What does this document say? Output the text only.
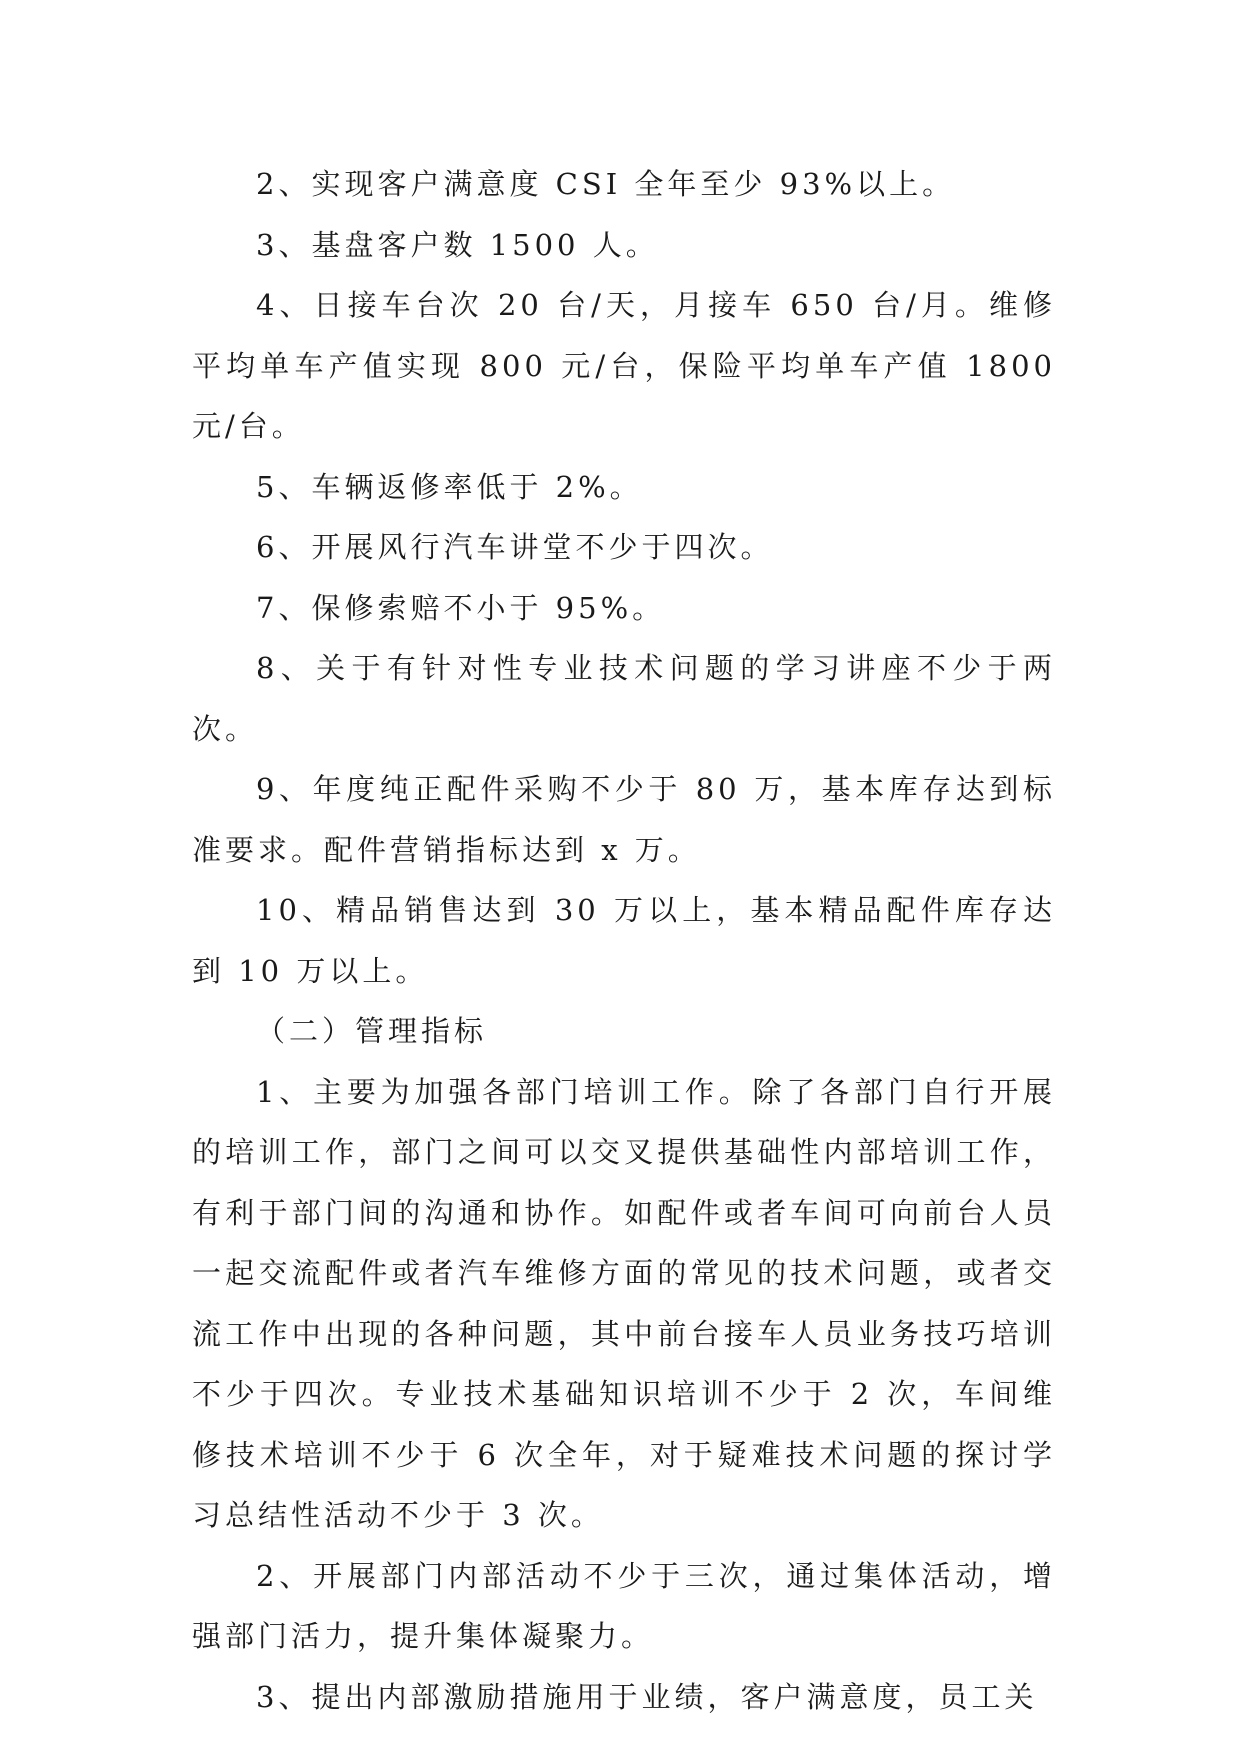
2、实现客户满意度 CSI 全年至少 93%以上。

3、基盘客户数 1500 人。

4、日接车台次 20 台/天，月接车 650 台/月。维修平均单车产值实现 800 元/台，保险平均单车产值 1800 元/台。

5、车辆返修率低于 2%。

6、开展风行汽车讲堂不少于四次。

7、保修索赔不小于 95%。

8、关于有针对性专业技术问题的学习讲座不少于两次。

9、年度纯正配件采购不少于 80 万，基本库存达到标准要求。配件营销指标达到 x 万。

10、精品销售达到 30 万以上，基本精品配件库存达到 10 万以上。

（二）管理指标

1、主要为加强各部门培训工作。除了各部门自行开展的培训工作，部门之间可以交叉提供基础性内部培训工作，有利于部门间的沟通和协作。如配件或者车间可向前台人员一起交流配件或者汽车维修方面的常见的技术问题，或者交流工作中出现的各种问题，其中前台接车人员业务技巧培训不少于四次。专业技术基础知识培训不少于 2 次，车间维修技术培训不少于 6 次全年，对于疑难技术问题的探讨学习总结性活动不少于 3 次。

2、开展部门内部活动不少于三次，通过集体活动，增强部门活力，提升集体凝聚力。

3、提出内部激励措施用于业绩，客户满意度，员工关
